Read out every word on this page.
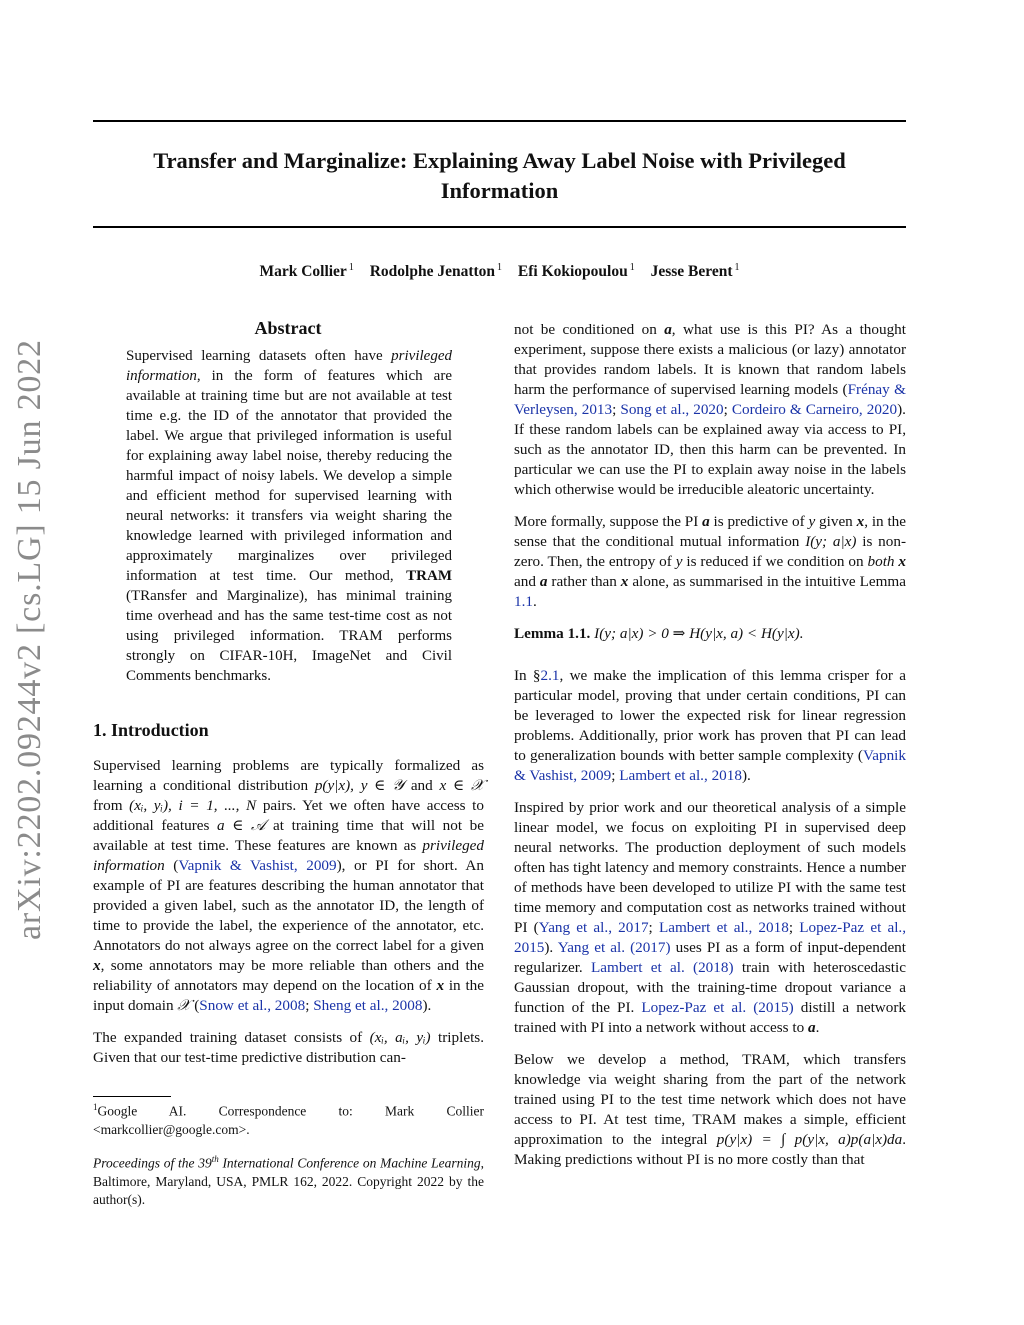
Transfer and Marginalize: Explaining Away Label Noise with Privileged Information
Mark Collier $^1$ Rodolphe Jenatton $^1$ Efi Kokiopoulou $^1$ Jesse Berent $^1$
arXiv:2202.09244v2 [cs.LG] 15 Jun 2022
Abstract
Supervised learning datasets often have privileged information, in the form of features which are available at training time but are not available at test time e.g. the ID of the annotator that provided the label. We argue that privileged information is useful for explaining away label noise, thereby reducing the harmful impact of noisy labels. We develop a simple and efficient method for supervised learning with neural networks: it transfers via weight sharing the knowledge learned with privileged information and approximately marginalizes over privileged information at test time. Our method, TRAM (TRansfer and Marginalize), has minimal training time overhead and has the same test-time cost as not using privileged information. TRAM performs strongly on CIFAR-10H, ImageNet and Civil Comments benchmarks.
1. Introduction

Supervised learning problems are typically formalized as learning a conditional distribution p(y|x), y ∈ 𝒴 and x ∈ 𝒳 from (xᵢ, yᵢ), i = 1, ..., N pairs. Yet we often have access to additional features a ∈ 𝒜 at training time that will not be available at test time. These features are known as privileged information (Vapnik & Vashist, 2009), or PI for short. An example of PI are features describing the human annotator that provided a given label, such as the annotator ID, the length of time to provide the label, the experience of the annotator, etc. Annotators do not always agree on the correct label for a given x, some annotators may be more reliable than others and the reliability of annotators may depend on the location of x in the input domain 𝒳 (Snow et al., 2008; Sheng et al., 2008).

The expanded training dataset consists of (xᵢ, aᵢ, yᵢ) triplets. Given that our test-time predictive distribution can-

$^1$Google AI. Correspondence to: Mark Collier <markcollier@google.com>.
Proceedings of the 39th International Conference on Machine Learning, Baltimore, Maryland, USA, PMLR 162, 2022. Copyright 2022 by the author(s).

not be conditioned on a, what use is this PI? As a thought experiment, suppose there exists a malicious (or lazy) annotator that provides random labels. It is known that random labels harm the performance of supervised learning models (Frénay & Verleysen, 2013; Song et al., 2020; Cordeiro & Carneiro, 2020). If these random labels can be explained away via access to PI, such as the annotator ID, then this harm can be prevented. In particular we can use the PI to explain away noise in the labels which otherwise would be irreducible aleatoric uncertainty.

More formally, suppose the PI a is predictive of y given x, in the sense that the conditional mutual information I(y; a|x) is non-zero. Then, the entropy of y is reduced if we condition on both x and a rather than x alone, as summarised in the intuitive Lemma 1.1.

Lemma 1.1. I(y; a|x) > 0 ⇒ H(y|x, a) < H(y|x).

In §2.1, we make the implication of this lemma crisper for a particular model, proving that under certain conditions, PI can be leveraged to lower the expected risk for linear regression problems. Additionally, prior work has proven that PI can lead to generalization bounds with better sample complexity (Vapnik & Vashist, 2009; Lambert et al., 2018).

Inspired by prior work and our theoretical analysis of a simple linear model, we focus on exploiting PI in supervised deep neural networks. The production deployment of such models often has tight latency and memory constraints. Hence a number of methods have been developed to utilize PI with the same test time memory and computation cost as networks trained without PI (Yang et al., 2017; Lambert et al., 2018; Lopez-Paz et al., 2015). Yang et al. (2017) uses PI as a form of input-dependent regularizer. Lambert et al. (2018) train with heteroscedastic Gaussian dropout, with the training-time dropout variance a function of the PI. Lopez-Paz et al. (2015) distill a network trained with PI into a network without access to a.

Below we develop a method, TRAM, which transfers knowledge via weight sharing from the part of the network trained using PI to the test time network which does not have access to PI. At test time, TRAM makes a simple, efficient approximation to the integral p(y|x) = ∫ p(y|x, a)p(a|x)da. Making predictions without PI is no more costly than that
